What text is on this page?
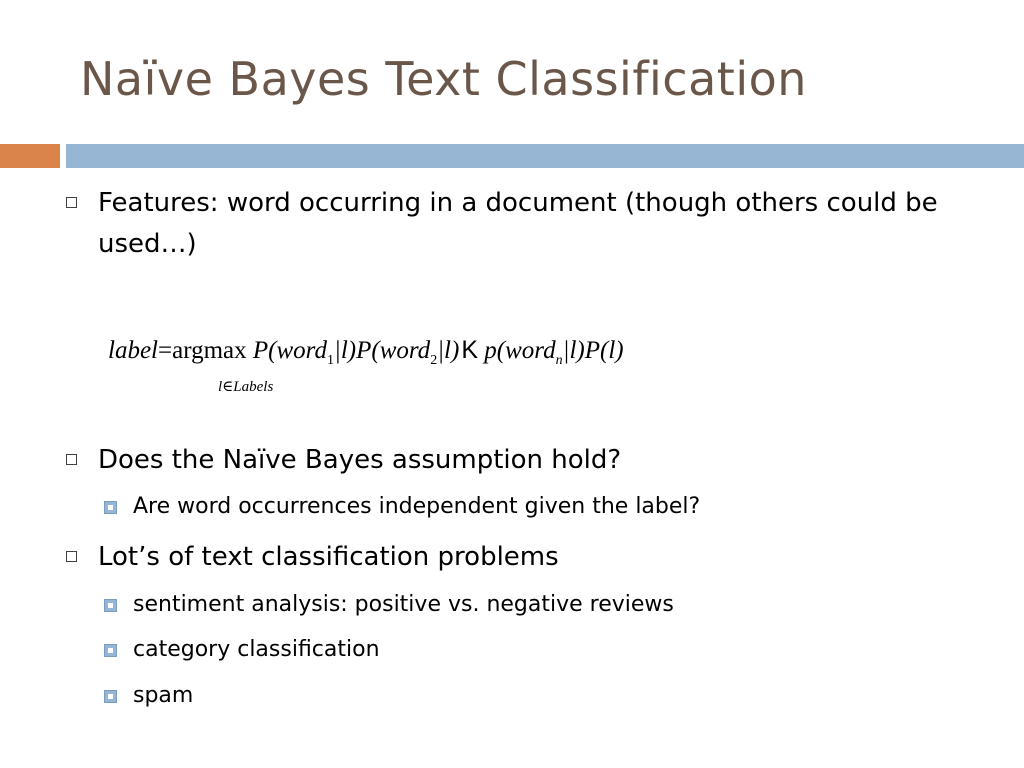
Naïve Bayes Text Classification
Features: word occurring in a document (though others could be used…)
label=argmax P(word$_1$|l)P(word$_2$|l)K p(word$_n$|l)P(l)
l∈Labels
Does the Naïve Bayes assumption hold?
Are word occurrences independent given the label?
Lot’s of text classification problems
sentiment analysis: positive vs. negative reviews
category classification
spam
